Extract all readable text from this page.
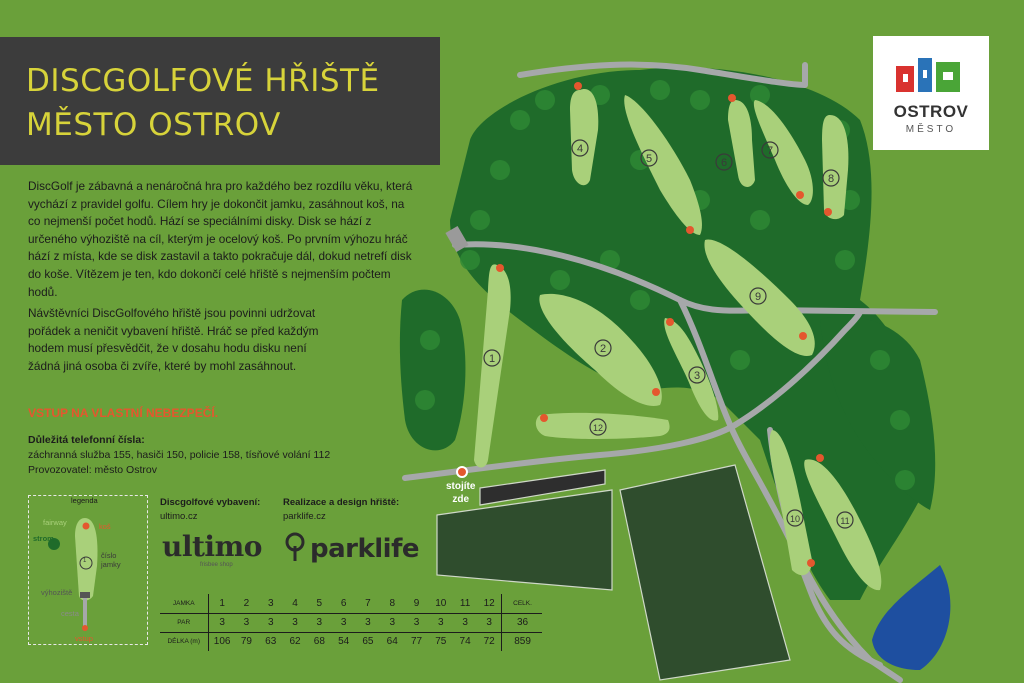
1
2
3
4
5	6
7
8
9
10	11
12
DISCGOLFOVÉ HŘIŠTĚ
MĚSTO OSTROV	OSTROV
MĚSTO

DiscGolf je zábavná a nenáročná hra pro každého bez rozdílu věku, která vychází z pravidel golfu. Cílem hry je dokončit jamku, zasáhnout koš, na co nejmenší počet hodů. Hází se speciálními disky. Disk se hází z určeného výhoziště na cíl, kterým je ocelový koš. Po prvním výhozu hráč hází z místa, kde se disk zastavil a takto pokračuje dál, dokud netrefí disk do koše. Vítězem je ten, kdo dokončí celé hřiště s nejmenším počtem hodů.

Návštěvníci DiscGolfového hřiště jsou povinni udržovat pořádek a neničit vybavení hřiště. Hráč se před každým hodem musí přesvědčit, že v dosahu hodu disku není žádná jiná osoba či zvíře, které by mohl zasáhnout.

VSTUP NA VLASTNÍ NEBEZPEČÍ.
Důležitá telefonní čísla:
záchranná služba 155, hasiči 150, policie 158, tísňové volání 112
Provozovatel: město Ostrov
legenda
fairway	koš
strom
1
číslo jamky
výhoziště
cesta
vstup
Discgolfové vybavení:
ultimo.cz
ultimo
frisbee shop
Realizace a design hřiště:
parklife.cz
parklife
JAMKA		1	2	3	4	5	6	7	8	9	10	11	12		CELK.
PAR		3	3	3	3	3	3	3	3	3	3	3	3		36
DÉLKA (m)		106	79	63	62	68	54	65	64	77	75	74	72		859
stojíte
zde
